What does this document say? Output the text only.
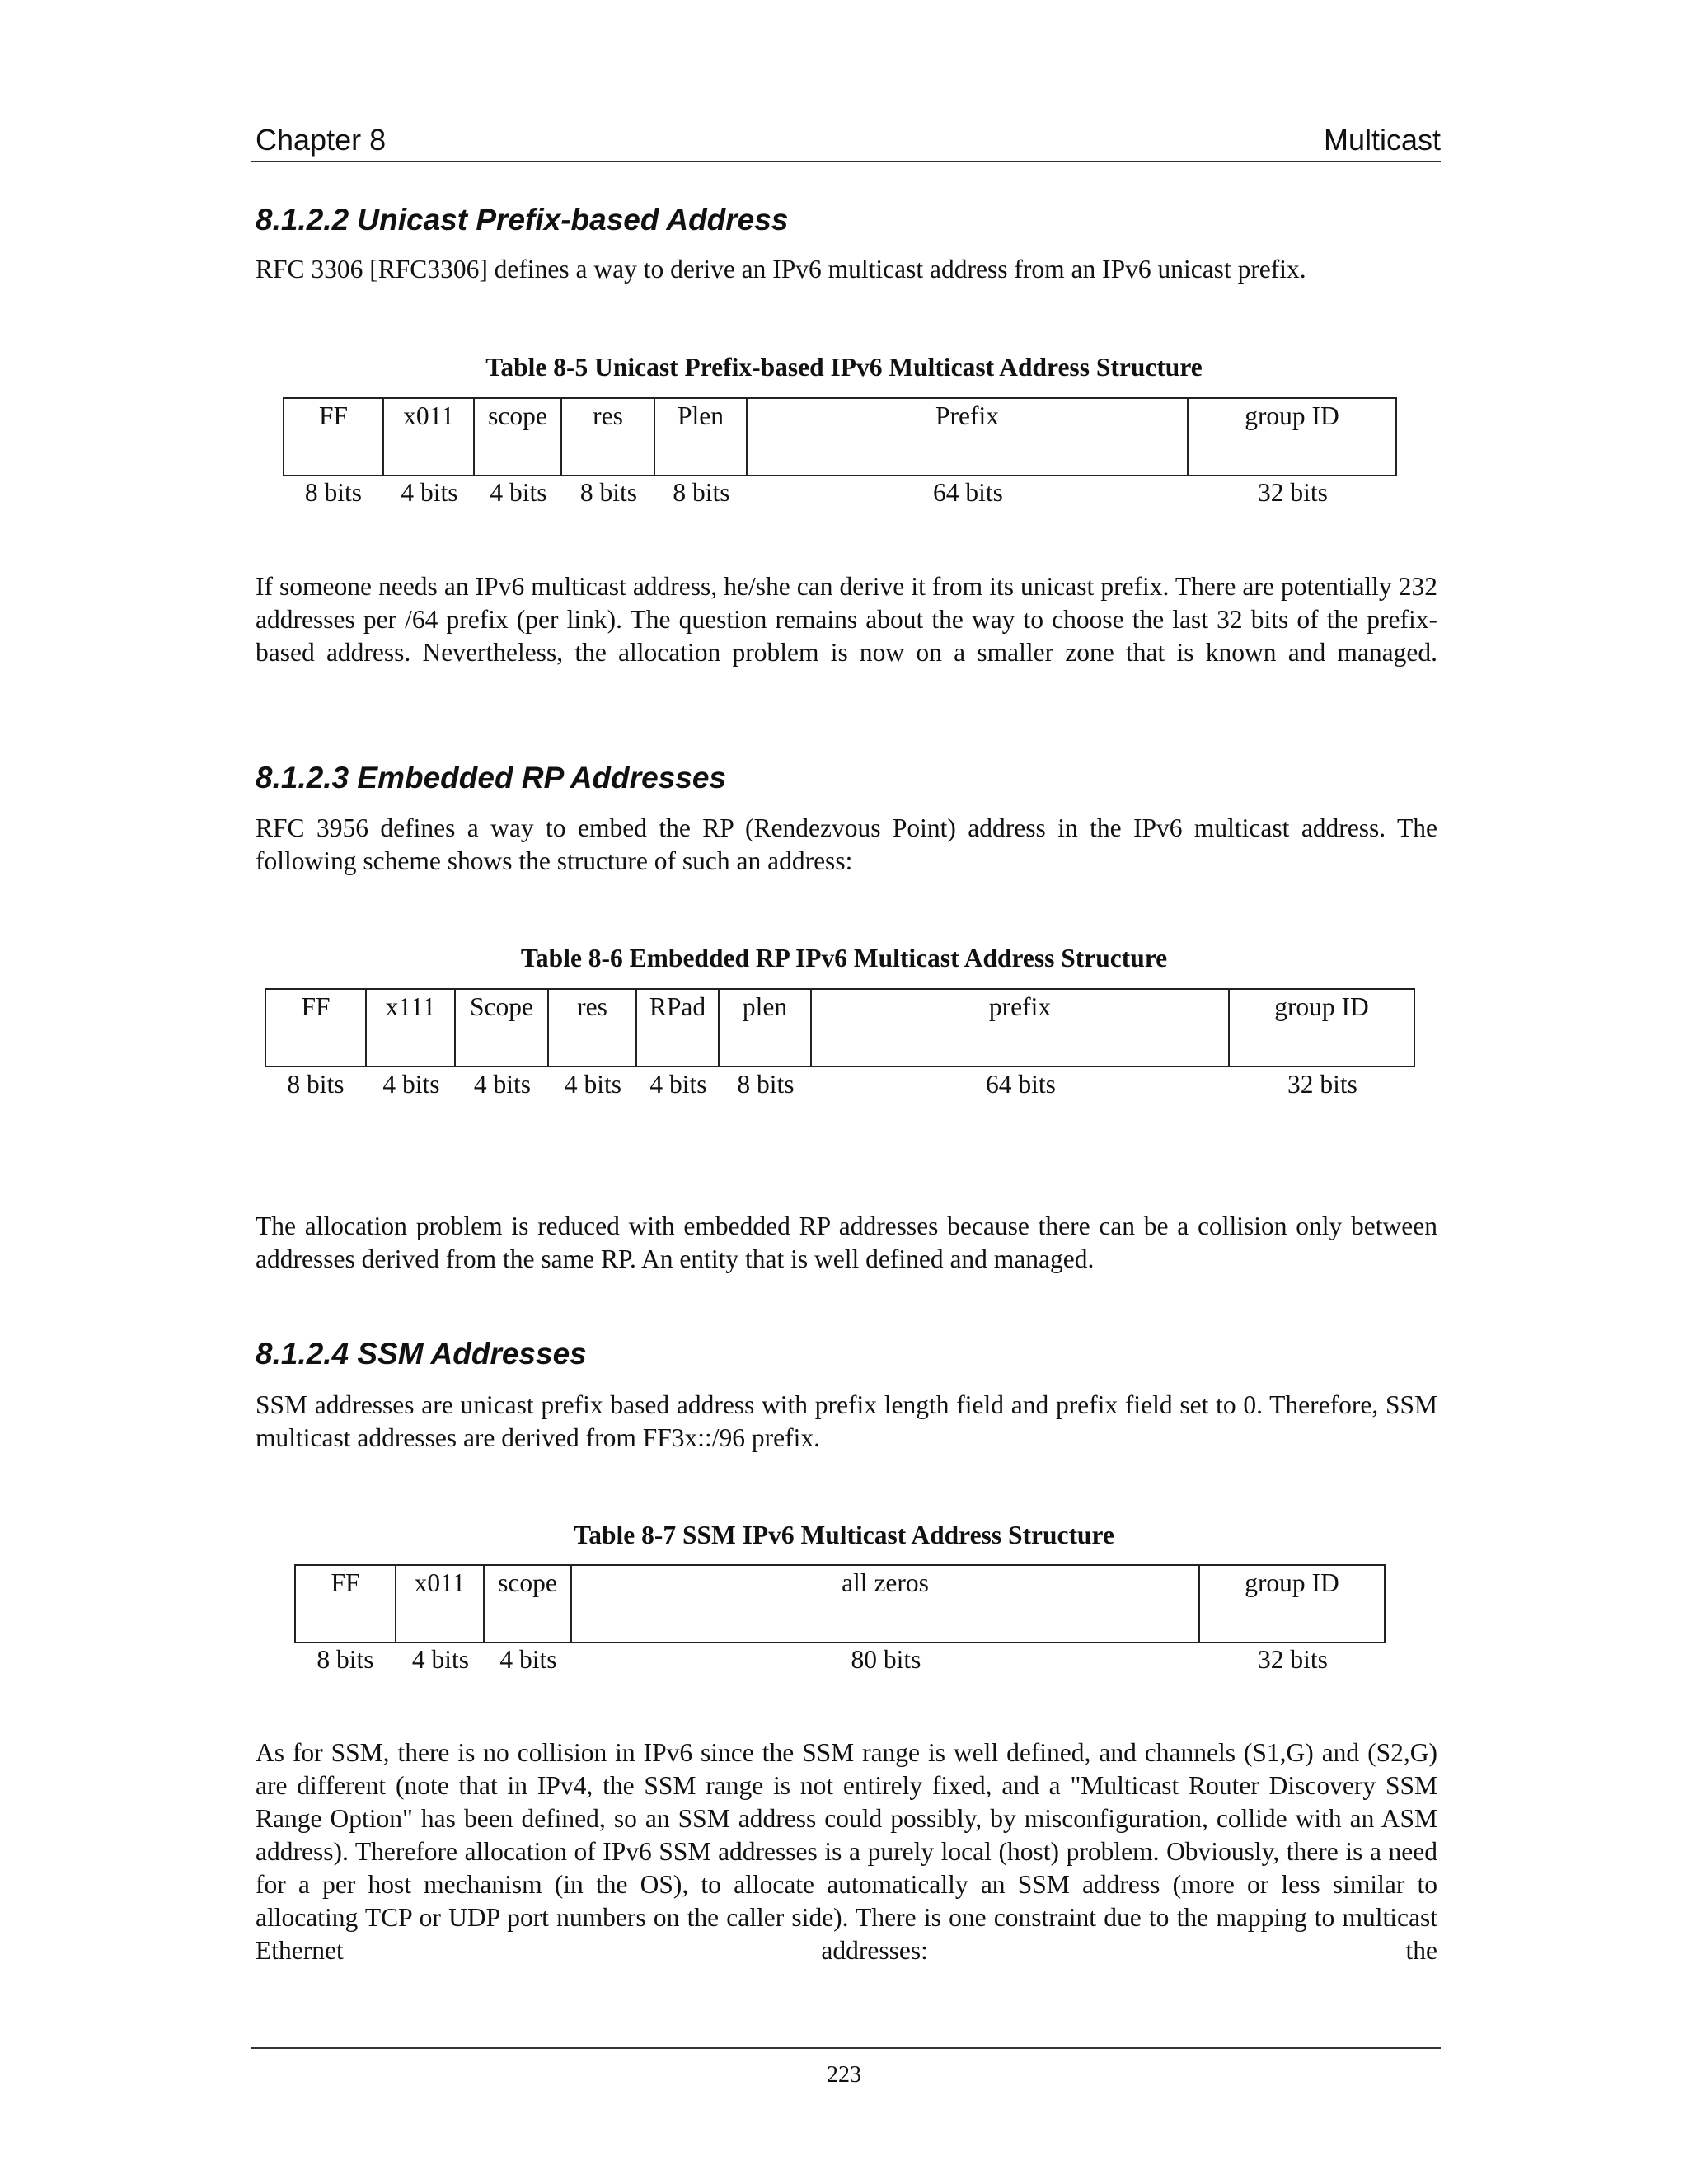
Chapter 8	Multicast
8.1.2.2 Unicast Prefix-based Address

RFC 3306 [RFC3306] defines a way to derive an IPv6 multicast address from an IPv6 unicast prefix.

Table 8-5 Unicast Prefix-based IPv6 Multicast Address Structure
FF	x011	scope	res	Plen	Prefix	group ID
8 bits	4 bits	4 bits	8 bits	8 bits	64 bits	32 bits

If someone needs an IPv6 multicast address, he/she can derive it from its unicast prefix. There are potentially 232 addresses per /64 prefix (per link). The question remains about the way to choose the last 32 bits of the prefix-based address. Nevertheless, the allocation problem is now on a smaller zone that is known and managed.

8.1.2.3 Embedded RP Addresses

RFC 3956 defines a way to embed the RP (Rendezvous Point) address in the IPv6 multicast address. The following scheme shows the structure of such an address:

Table 8-6 Embedded RP IPv6 Multicast Address Structure
FF	x111	Scope	res	RPad	plen	prefix	group ID
8 bits	4 bits	4 bits	4 bits	4 bits	8 bits	64 bits	32 bits

The allocation problem is reduced with embedded RP addresses because there can be a collision only between addresses derived from the same RP. An entity that is well defined and managed.

8.1.2.4 SSM Addresses

SSM addresses are unicast prefix based address with prefix length field and prefix field set to 0. Therefore, SSM multicast addresses are derived from FF3x::/96 prefix.

Table 8-7 SSM IPv6 Multicast Address Structure
FF	x011	scope	all zeros	group ID
8 bits	4 bits	4 bits	80 bits	32 bits

As for SSM, there is no collision in IPv6 since the SSM range is well defined, and channels (S1,G) and (S2,G) are different (note that in IPv4, the SSM range is not entirely fixed, and a "Multicast Router Discovery SSM Range Option" has been defined, so an SSM address could possibly, by misconfiguration, collide with an ASM address). Therefore allocation of IPv6 SSM addresses is a purely local (host) problem. Obviously, there is a need for a per host mechanism (in the OS), to allocate automatically an SSM address (more or less similar to allocating TCP or UDP port numbers on the caller side). There is one constraint due to the mapping to multicast Ethernet addresses: the

223
